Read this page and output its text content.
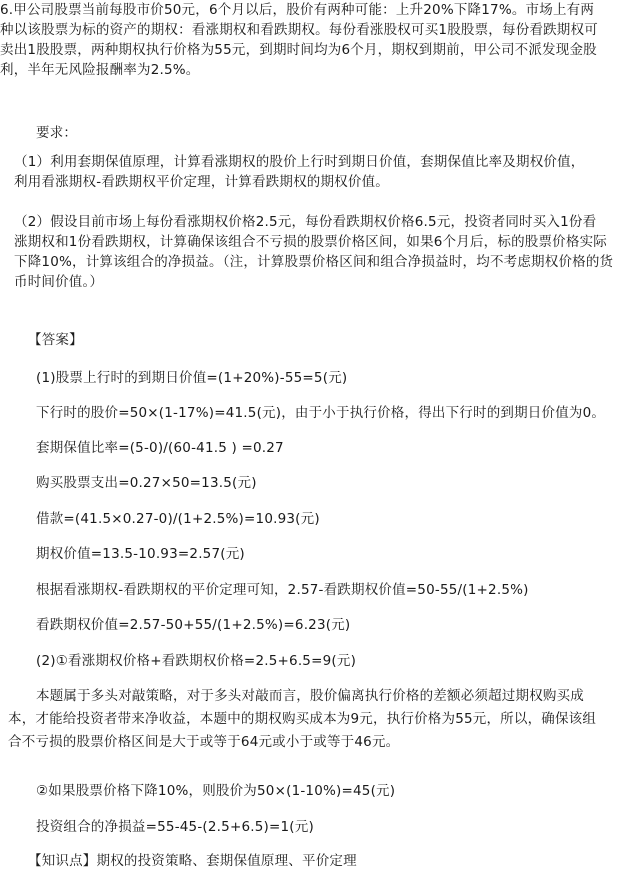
6.甲公司股票当前每股市价50元，6个月以后，股价有两种可能：上升20%下降17%。市场上有两
种以该股票为标的资产的期权：看涨期权和看跌期权。每份看涨股权可买1股股票，每份看跌期权可
卖出1股股票，两种期权执行价格为55元，到期时间均为6个月，期权到期前，甲公司不派发现金股
利，半年无风险报酬率为2.5%。
要求：
（1）利用套期保值原理，计算看涨期权的股价上行时到期日价值，套期保值比率及期权价值，
利用看涨期权-看跌期权平价定理，计算看跌期权的期权价值。
（2）假设目前市场上每份看涨期权价格2.5元，每份看跌期权价格6.5元，投资者同时买入1份看
涨期权和1份看跌期权，计算确保该组合不亏损的股票价格区间，如果6个月后，标的股票价格实际
下降10%，计算该组合的净损益。（注，计算股票价格区间和组合净损益时，均不考虑期权价格的货
币时间价值。）
【答案】
(1)股票上行时的到期日价值=(1+20%)-55=5(元)
下行时的股价=50×(1-17%)=41.5(元)，由于小于执行价格，得出下行时的到期日价值为0。
套期保值比率=(5-0)/(60-41.5 ) =0.27
购买股票支出=0.27×50=13.5(元)
借款=(41.5×0.27-0)/(1+2.5%)=10.93(元)
期权价值=13.5-10.93=2.57(元)
根据看涨期权-看跌期权的平价定理可知，2.57-看跌期权价值=50-55/(1+2.5%)
看跌期权价值=2.57-50+55/(1+2.5%)=6.23(元)
(2)①看涨期权价格+看跌期权价格=2.5+6.5=9(元)
本题属于多头对敲策略，对于多头对敲而言，股价偏离执行价格的差额必须超过期权购买成
本，才能给投资者带来净收益，本题中的期权购买成本为9元，执行价格为55元，所以，确保该组
合不亏损的股票价格区间是大于或等于64元或小于或等于46元。
②如果股票价格下降10%，则股价为50×(1-10%)=45(元)
投资组合的净损益=55-45-(2.5+6.5)=1(元)
【知识点】期权的投资策略、套期保值原理、平价定理
